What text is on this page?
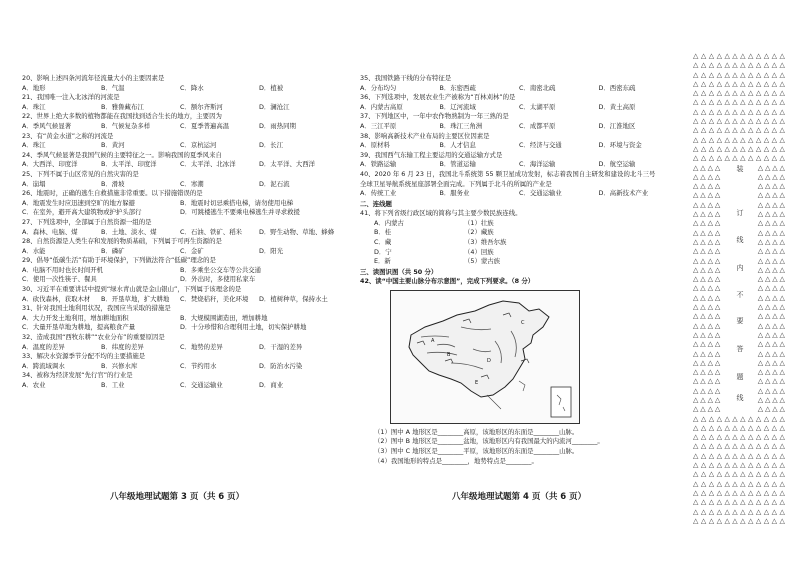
20、影响上述四条河流年径流量大小的主要因素是
A．地形	B．气温	C．降水	D．植被
21、我国唯一注入北冰洋的河流是
A．珠江	B．雅鲁藏布江	C．额尔齐斯河	D．澜沧江
22、世界上绝大多数的植物都能在我国找到适合生长的地方，主要因为
A．季风气候显著	B．气候复杂多样	C．夏季普遍高温	D．雨热同期
23、有“黄金水道”之称的河流是
A．珠江	B．黄河	C．京杭运河	D．长江
24、季风气候显著是我国气候的主要特征之一。影响我国的夏季风来自
A．大西洋、印度洋	B．太平洋、印度洋	C．太平洋、北冰洋	D．太平洋、大西洋
25、下列不属于山区常见的自然灾害的是
A．崩塌	B．滑坡	C．寒潮	D．泥石流
26、地震时，正确的逃生自救措施非常重要。以下措施错误的是
A．地震发生时应迅速到空旷的地方躲避	B．地震时切忌乘搭电梯，请勿使用电梯
C．在室外，避开高大建筑物或护护头部行	D．可跳楼逃生不要乘电梯逃生并寻求救援
27、下列选项中，全部属于自然资源一组的是
A．森林、电脑、煤	B．土地、淡水、煤	C．石油、铁矿、稻米	D．野生动物、草地、蜂蜂
28、自然资源是人类生存和发展的物质基础，下列属于可再生资源的是
A．水能	B．磷矿	C．金矿	D．阳光
29、倡导“低碳生活”有助于环境保护，下列做法符合“低碳”理念的是
A．电脑不用时也长时间开机	B．多乘坐公交车等公共交通
C．使用一次性筷子、餐具	D．外出时，多使用私家车
30、习近平在重要讲话中提到“绿水青山就是金山银山”，下列属于该理念的是
A．砍伐森林，获取木材	B．开垦草地，扩大耕地	C．焚烧秸秆，美化环境	D．植树种草，保持水土
31、针对我国土地利用状况，我国应当采取的措施是
A．大力开发土地利用，增加耕地面积	B．大规模围湖造田，增加耕地
C．大量开垦草地为耕地，提高粮食产量	D．十分珍惜和合理利用土地，切实保护耕地
32、造成我国“西牧东耕”“农业分布”的重要原因是
A．温度的差异	B．纬度的差异	C．地势的差异	D．干湿的差异
33、解决水资源季节分配不均的主要措施是
A．跨流域调水	B．兴修水库	C．节约用水	D．防治水污染
34、被称为经济发展“先行官”的行业是
A．农业	B．工业	C．交通运输业	D．商业
35、我国铁路干线的分布特征是
A．分布均匀	B．东密西疏	C．南密北疏	D．西密东疏
36、下列选项中，发展农业生产被称为“百林刈林”的是
A．内蒙古高原	B．辽河流域	C．太湖平原	D．黄土高原
37、下列地区中，一年中农作物熟制为一年三熟的是
A．三江平原	B．珠江三角洲	C．成都平原	D．江淮地区
38、影响高新技术产业布局的主要区位因素是
A．原材料	B．人才信息	C．经济与交通	D．环境与资金
39、我国西气东输工程主要运用的交通运输方式是
A．铁路运输	B．管道运输	C．海洋运输	D．航空运输
40、2020 年 6 月 23 日，我国北斗系统第 55 颗卫星成功发射，标志着我国自主研发和建设的北斗三号
全球卫星导航系统星座部署全面完成。下列属于北斗的所属的产业是
A．传统工业	B．服务业	C．交通运输业	D．高新技术产业
二、连线题
41、将下列省级行政区域的简称与其主要少数民族连线。
A．内蒙古	（1）壮族
B．桂	（2）藏族
C．藏	（3）维吾尔族
D．宁	（4）回族
E．新	（5）蒙古族
三、读图识图（共 50 分）
42、读“中国主要山脉分布示意图”，完成下列要求。（8 分）
A
B
C
D
E
（1）图中 A 地形区是________高原，该地形区的东面是________山脉。
（2）图中 B 地形区是________盆地，该地形区内有我国最大的内流河________。
（3）图中 C 地形区是________平原，该地形区的东面是________山脉。
（4）我国地形的特点是________，地势特点是________。
八年级地理试题第 3 页（共 6 页）	八年级地理试题第 4 页（共 6 页）
△ △ △ △ △ △ △ △ △ △ △ △
△ △ △ △ △ △ △ △ △ △ △ △
△ △ △ △ △ △ △ △ △ △ △ △
△ △ △ △ △ △ △ △ △ △ △ △
△ △ △ △ △ △ △ △ △ △ △ △
△ △ △ △ △ △ △ △ △ △ △ △
△ △ △ △ △ △ △ △ △ △ △ △
△ △ △ △ △ △ △ △ △ △ △ △
△ △ △ △ △ △ △ △ △ △ △ △
△ △ △ △ △ △ △ △ △ △ △ △
△ △ △ △ △ △ △ △ △ △ △ △
△ △ △ △ △ △ △ △ △ △ △ △
△ △ △ △	△ △ △ △
△ △ △ △	△ △ △ △
△ △ △ △	△ △ △ △
△ △ △ △	△ △ △ △
△ △ △ △	△ △ △ △
△ △ △ △	△ △ △ △
△ △ △ △	△ △ △ △
△ △ △ △	△ △ △ △
△ △ △ △	△ △ △ △
△ △ △ △	△ △ △ △
△ △ △ △	△ △ △ △
△ △ △ △	△ △ △ △
△ △ △ △	△ △ △ △
△ △ △ △	△ △ △ △
△ △ △ △	△ △ △ △
△ △ △ △	△ △ △ △
△ △ △ △	△ △ △ △
△ △ △ △	△ △ △ △
△ △ △ △	△ △ △ △
△ △ △ △	△ △ △ △
△ △ △ △	△ △ △ △
△ △ △ △	△ △ △ △
△ △ △ △	△ △ △ △
△ △ △ △	△ △ △ △
△ △ △ △	△ △ △ △
△ △ △ △	△ △ △ △
△ △ △ △	△ △ △ △
△ △ △ △ △ △ △ △ △ △ △ △
△ △ △ △ △ △ △ △ △ △ △ △
△ △ △ △ △ △ △ △ △ △ △ △
△ △ △ △ △ △ △ △ △ △ △ △
△ △ △ △ △ △ △ △ △ △ △ △
△ △ △ △ △ △ △ △ △ △ △ △
△ △ △ △ △ △ △ △ △ △ △ △
△ △ △ △ △ △ △ △ △ △ △ △
△ △ △ △ △ △ △ △ △ △ △ △
△ △ △ △ △ △ △ △ △ △ △ △
△ △ △ △ △ △ △ △ △ △ △ △
△ △ △ △ △ △ △ △ △ △ △ △
装
订
线
内
不
要
答
题
线
